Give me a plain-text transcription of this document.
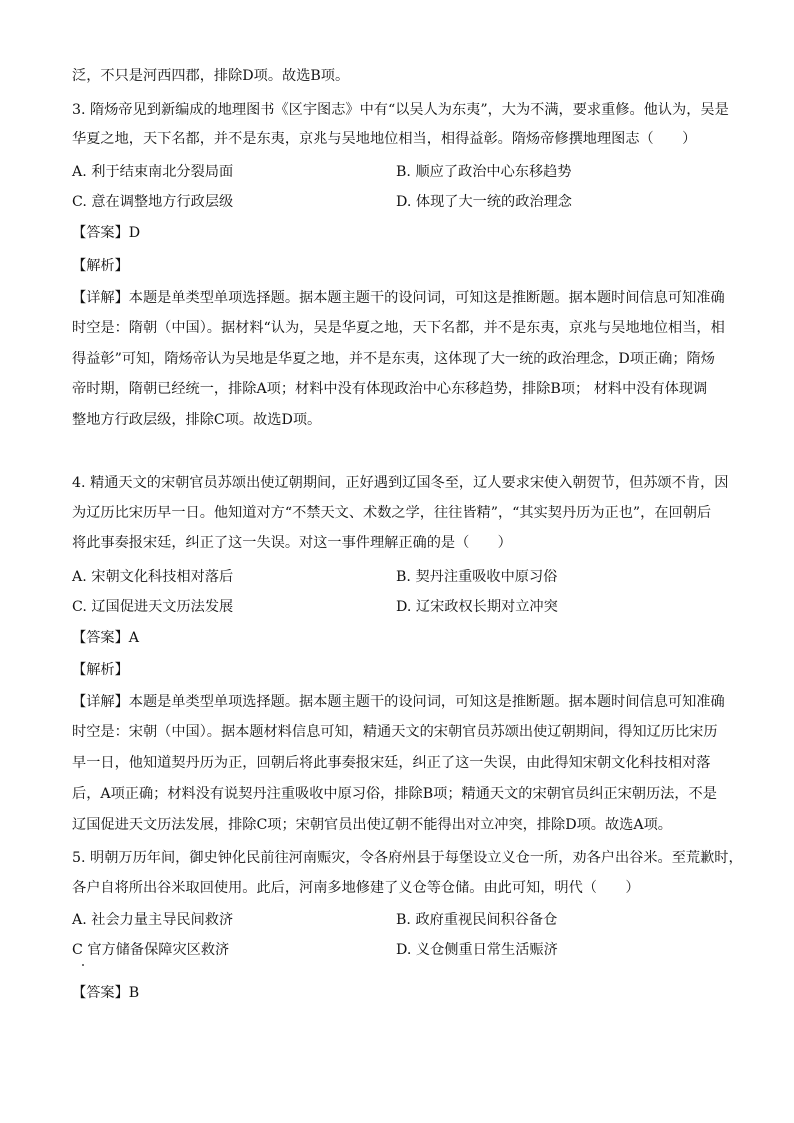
泛，不只是河西四郡，排除D项。故选B项。
3. 隋炀帝见到新编成的地理图书《区宇图志》中有“以吴人为东夷”，大为不满，要求重修。他认为，吴是
华夏之地，天下名都，并不是东夷，京兆与吴地地位相当，相得益彰。隋炀帝修撰地理图志（　　）
A. 利于结束南北分裂局面	B. 顺应了政治中心东移趋势
C. 意在调整地方行政层级	D. 体现了大一统的政治理念
【答案】D
【解析】
【详解】本题是单类型单项选择题。据本题主题干的设问词，可知这是推断题。据本题时间信息可知准确
时空是：隋朝（中国）。据材料“认为，吴是华夏之地，天下名都，并不是东夷，京兆与吴地地位相当，相
得益彰”可知，隋炀帝认为吴地是华夏之地，并不是东夷，这体现了大一统的政治理念，D项正确；隋炀
帝时期，隋朝已经统一，排除A项；材料中没有体现政治中心东移趋势，排除B项； 材料中没有体现调
整地方行政层级，排除C项。故选D项。
4. 精通天文的宋朝官员苏颂出使辽朝期间，正好遇到辽国冬至，辽人要求宋使入朝贺节，但苏颂不肯，因
为辽历比宋历早一日。他知道对方“不禁天文、术数之学，往往皆精”，“其实契丹历为正也”，在回朝后
将此事奏报宋廷，纠正了这一失误。对这一事件理解正确的是（　　）
A. 宋朝文化科技相对落后	B. 契丹注重吸收中原习俗
C. 辽国促进天文历法发展	D. 辽宋政权长期对立冲突
【答案】A
【解析】
【详解】本题是单类型单项选择题。据本题主题干的设问词，可知这是推断题。据本题时间信息可知准确
时空是：宋朝（中国）。据本题材料信息可知，精通天文的宋朝官员苏颂出使辽朝期间，得知辽历比宋历
早一日，他知道契丹历为正，回朝后将此事奏报宋廷，纠正了这一失误，由此得知宋朝文化科技相对落
后，A项正确；材料没有说契丹注重吸收中原习俗，排除B项；精通天文的宋朝官员纠正宋朝历法，不是
辽国促进天文历法发展，排除C项；宋朝官员出使辽朝不能得出对立冲突，排除D项。故选A项。
5. 明朝万历年间，御史钟化民前往河南赈灾，令各府州县于每堡设立义仓一所，劝各户出谷米。至荒歉时，
各户自将所出谷米取回使用。此后，河南多地修建了义仓等仓储。由此可知，明代（　　）
A. 社会力量主导民间救济	B. 政府重视民间积谷备仓
C 官方储备保障灾区救济	D. 义仓侧重日常生活赈济
【答案】B
